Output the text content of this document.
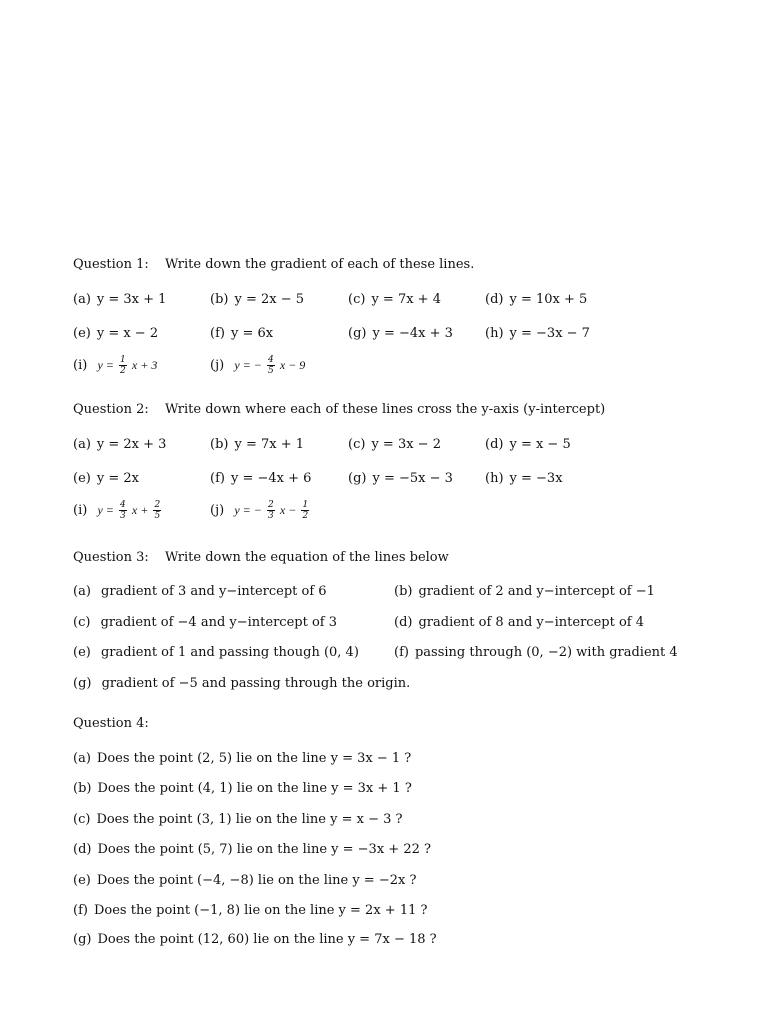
Question 1: Write down the gradient of each of these lines.
(a) y = 3x + 1	(b) y = 2x − 5	(c) y = 7x + 4	(d) y = 10x + 5
(e) y = x − 2	(f) y = 6x	(g) y = −4x + 3 (h) y = −3x − 7
(i) $y = \frac{1}{2}$ x + 3	(j) y = − $\frac{4}{5}$ x − 9
Question 2: Write down where each of these lines cross the y-axis (y-intercept)
(a) y = 2x + 3	(b) y = 7x + 1	(c) y = 3x − 2	(d) y = x − 5
(e) y = 2x	(f) y = −4x + 6	(g) y = −5x − 3 (h) y = −3x
(i) $y = \frac{4}{3}$ $x + \frac{2}{5}$	(j) y = − $\frac{2}{3}$ $x - \frac{1}{2}$
Question 3: Write down the equation of the lines below
(a) gradient of 3 and y−intercept of 6	(b) gradient of 2 and y−intercept of −1
(c) gradient of −4 and y−intercept of 3	(d) gradient of 8 and y−intercept of 4
(e) gradient of 1 and passing though (0, 4)	(f) passing through (0, −2) with gradient 4
(g) gradient of −5 and passing through the origin.
Question 4:
(a) Does the point (2, 5) lie on the line y = 3x − 1 ?
(b) Does the point (4, 1) lie on the line y = 3x + 1 ?
(c) Does the point (3, 1) lie on the line y = x − 3 ?
(d) Does the point (5, 7) lie on the line y = −3x + 22 ?
(e) Does the point (−4, −8) lie on the line y = −2x ?
(f) Does the point (−1, 8) lie on the line y = 2x + 11 ?
(g) Does the point (12, 60) lie on the line y = 7x − 18 ?
